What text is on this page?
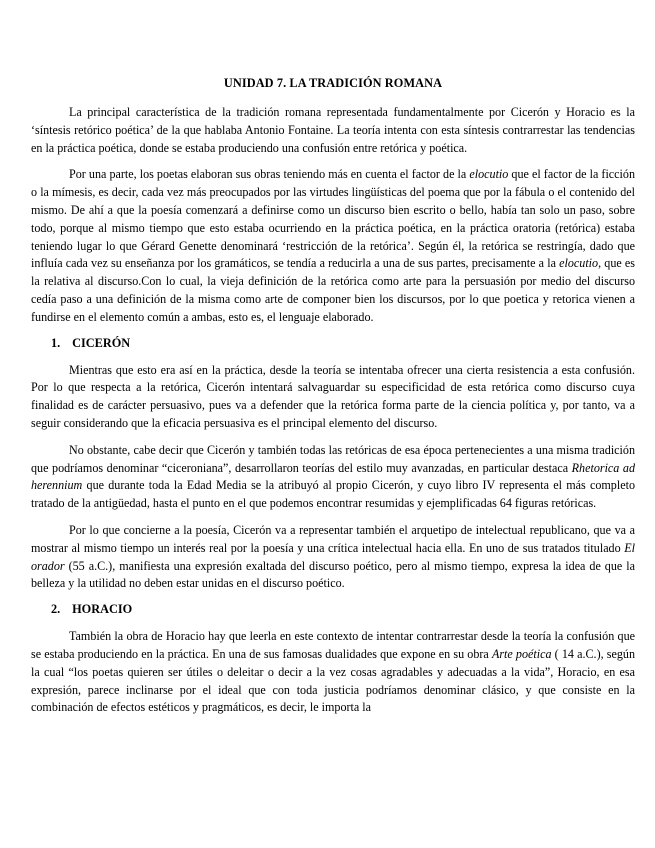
UNIDAD 7. LA TRADICIÓN ROMANA

La principal característica de la tradición romana representada fundamentalmente por Cicerón y Horacio es la ‘síntesis retórico poética’ de la que hablaba Antonio Fontaine. La teoría intenta con esta síntesis contrarrestar las tendencias en la práctica poética, donde se estaba produciendo una confusión entre retórica y poética.

Por una parte, los poetas elaboran sus obras teniendo más en cuenta el factor de la elocutio que el factor de la ficción o la mímesis, es decir, cada vez más preocupados por las virtudes lingüísticas del poema que por la fábula o el contenido del mismo. De ahí a que la poesía comenzará a definirse como un discurso bien escrito o bello, había tan solo un paso, sobre todo, porque al mismo tiempo que esto estaba ocurriendo en la práctica poética, en la práctica oratoria (retórica) estaba teniendo lugar lo que Gérard Genette denominará ‘restricción de la retórica’. Según él, la retórica se restringía, dado que influía cada vez su enseñanza por los gramáticos, se tendía a reducirla a una de sus partes, precisamente a la elocutio, que es la relativa al discurso.Con lo cual, la vieja definición de la retórica como arte para la persuasión por medio del discurso cedía paso a una definición de la misma como arte de componer bien los discursos, por lo que poetica y retorica vienen a fundirse en el elemento común a ambas, esto es, el lenguaje elaborado.

1. CICERÓN

Mientras que esto era así en la práctica, desde la teoría se intentaba ofrecer una cierta resistencia a esta confusión. Por lo que respecta a la retórica, Cicerón intentará salvaguardar su especificidad de esta retórica como discurso cuya finalidad es de carácter persuasivo, pues va a defender que la retórica forma parte de la ciencia política y, por tanto, va a seguir considerando que la eficacia persuasiva es el principal elemento del discurso.

No obstante, cabe decir que Cicerón y también todas las retóricas de esa época pertenecientes a una misma tradición que podríamos denominar “ciceroniana”, desarrollaron teorías del estilo muy avanzadas, en particular destaca Rhetorica ad herennium que durante toda la Edad Media se la atribuyó al propio Cicerón, y cuyo libro IV representa el más completo tratado de la antigüedad, hasta el punto en el que podemos encontrar resumidas y ejemplificadas 64 figuras retóricas.

Por lo que concierne a la poesía, Cicerón va a representar también el arquetipo de intelectual republicano, que va a mostrar al mismo tiempo un interés real por la poesía y una crítica intelectual hacia ella. En uno de sus tratados titulado El orador (55 a.C.), manifiesta una expresión exaltada del discurso poético, pero al mismo tiempo, expresa la idea de que la belleza y la utilidad no deben estar unidas en el discurso poético.

2. HORACIO

También la obra de Horacio hay que leerla en este contexto de intentar contrarrestar desde la teoría la confusión que se estaba produciendo en la práctica. En una de sus famosas dualidades que expone en su obra Arte poética ( 14 a.C.), según la cual “los poetas quieren ser útiles o deleitar o decir a la vez cosas agradables y adecuadas a la vida”, Horacio, en esa expresión, parece inclinarse por el ideal que con toda justicia podríamos denominar clásico, y que consiste en la combinación de efectos estéticos y pragmáticos, es decir, le importa la
